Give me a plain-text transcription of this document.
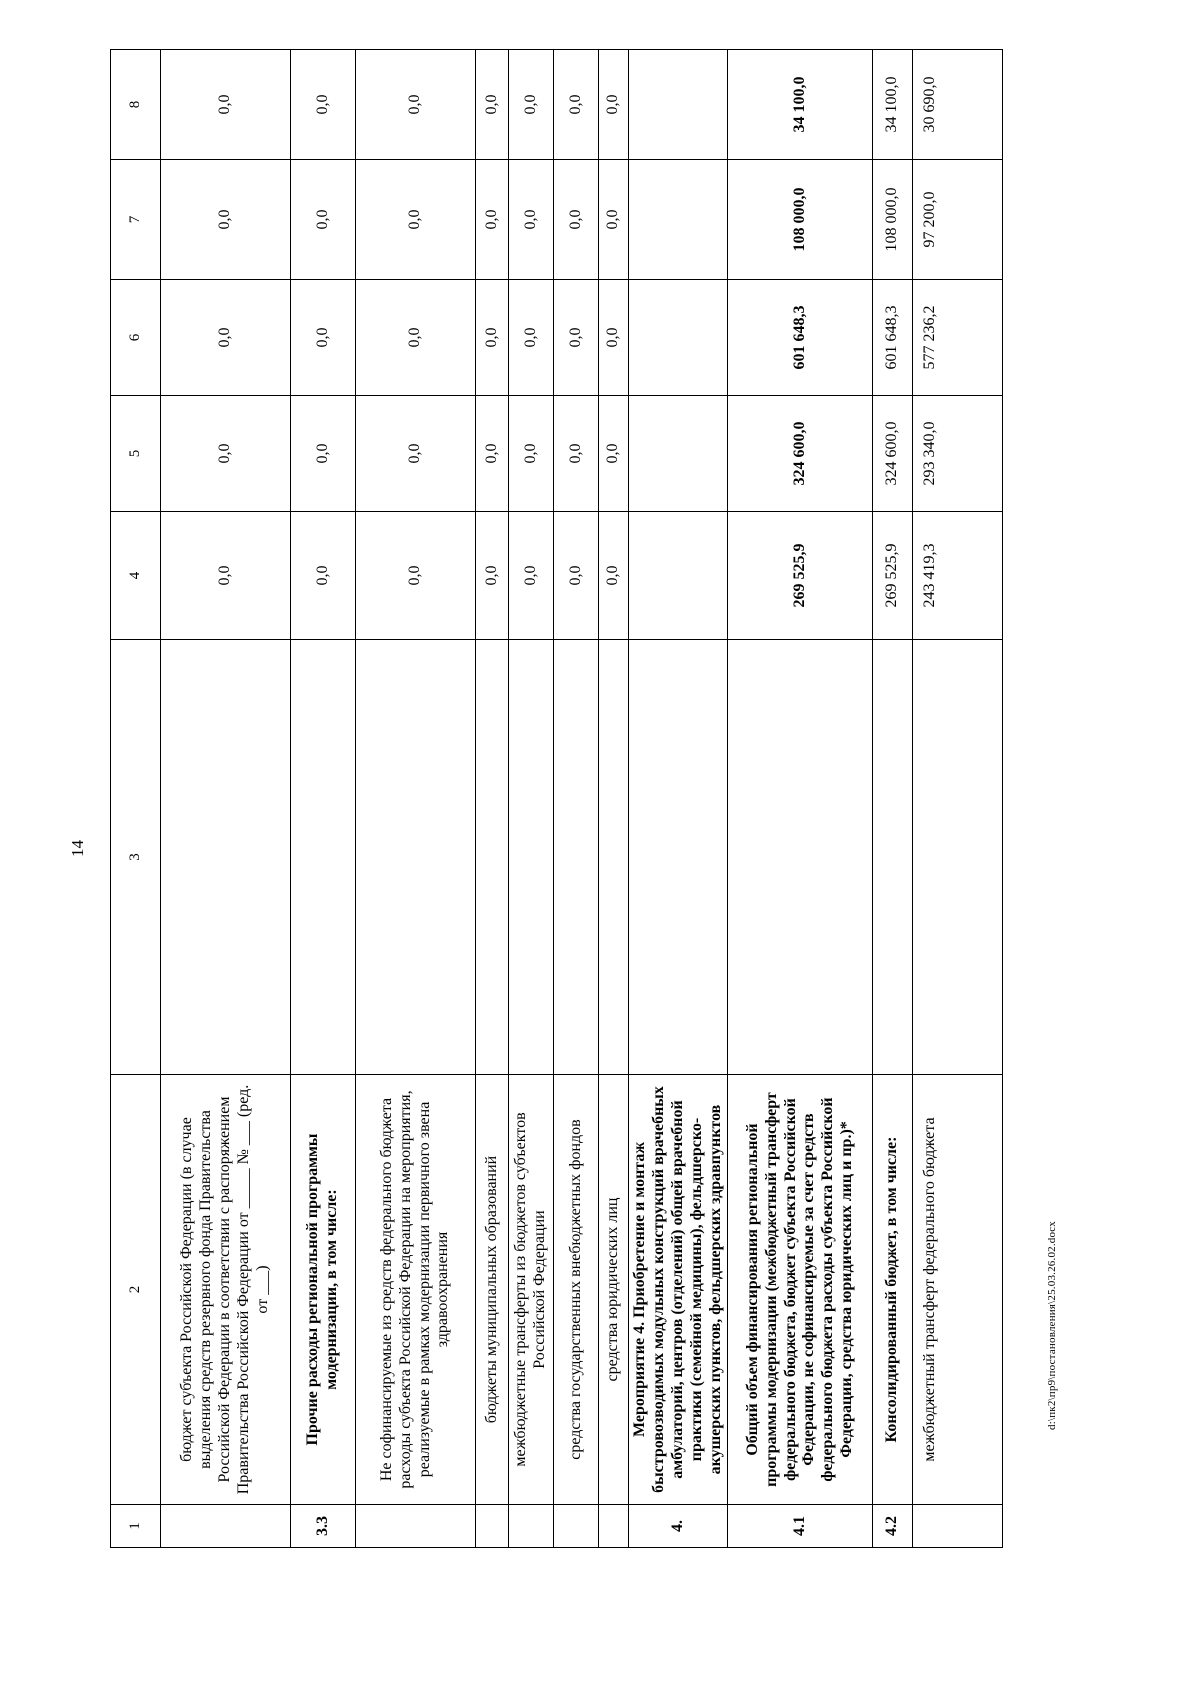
14
1	2	3	4	5	6	7	8
	бюджет субъекта Российской Федерации (в случае выделения средств резервного фонда Правительства Российской Федерации в соответствии с распоряжением Правительства Российской Федерации от _____ № ___ (ред. от ___)		0,0	0,0	0,0	0,0	0,0
3.3	Прочие расходы региональной программы модернизации, в том числе:		0,0	0,0	0,0	0,0	0,0
	Не софинансируемые из средств федерального бюджета расходы субъекта Российской Федерации на мероприятия, реализуемые в рамках модернизации первичного звена здравоохранения		0,0	0,0	0,0	0,0	0,0
	бюджеты муниципальных образований		0,0	0,0	0,0	0,0	0,0
	межбюджетные трансферты из бюджетов субъектов Российской Федерации		0,0	0,0	0,0	0,0	0,0
	средства государственных внебюджетных фондов		0,0	0,0	0,0	0,0	0,0
	средства юридических лиц		0,0	0,0	0,0	0,0	0,0
4.	Мероприятие 4. Приобретение и монтаж быстровозводимых модульных конструкций врачебных амбулаторий, центров (отделений) общей врачебной практики (семейной медицины), фельдшерско-акушерских пунктов, фельдшерских здравпунктов						
4.1	Общий объем финансирования региональной программы модернизации (межбюджетный трансферт федерального бюджета, бюджет субъекта Российской Федерации, не софинансируемые за счет средств федерального бюджета расходы субъекта Российской Федерации, средства юридических лиц и пр.)*		269 525,9	324 600,0	601 648,3	108 000,0	34 100,0
4.2	Консолидированный бюджет, в том числе:		269 525,9	324 600,0	601 648,3	108 000,0	34 100,0
	межбюджетный трансферт федерального бюджета		243 419,3	293 340,0	577 236,2	97 200,0	30 690,0
d:\пк2\пр9\постановления\25.03.26.02.docx
